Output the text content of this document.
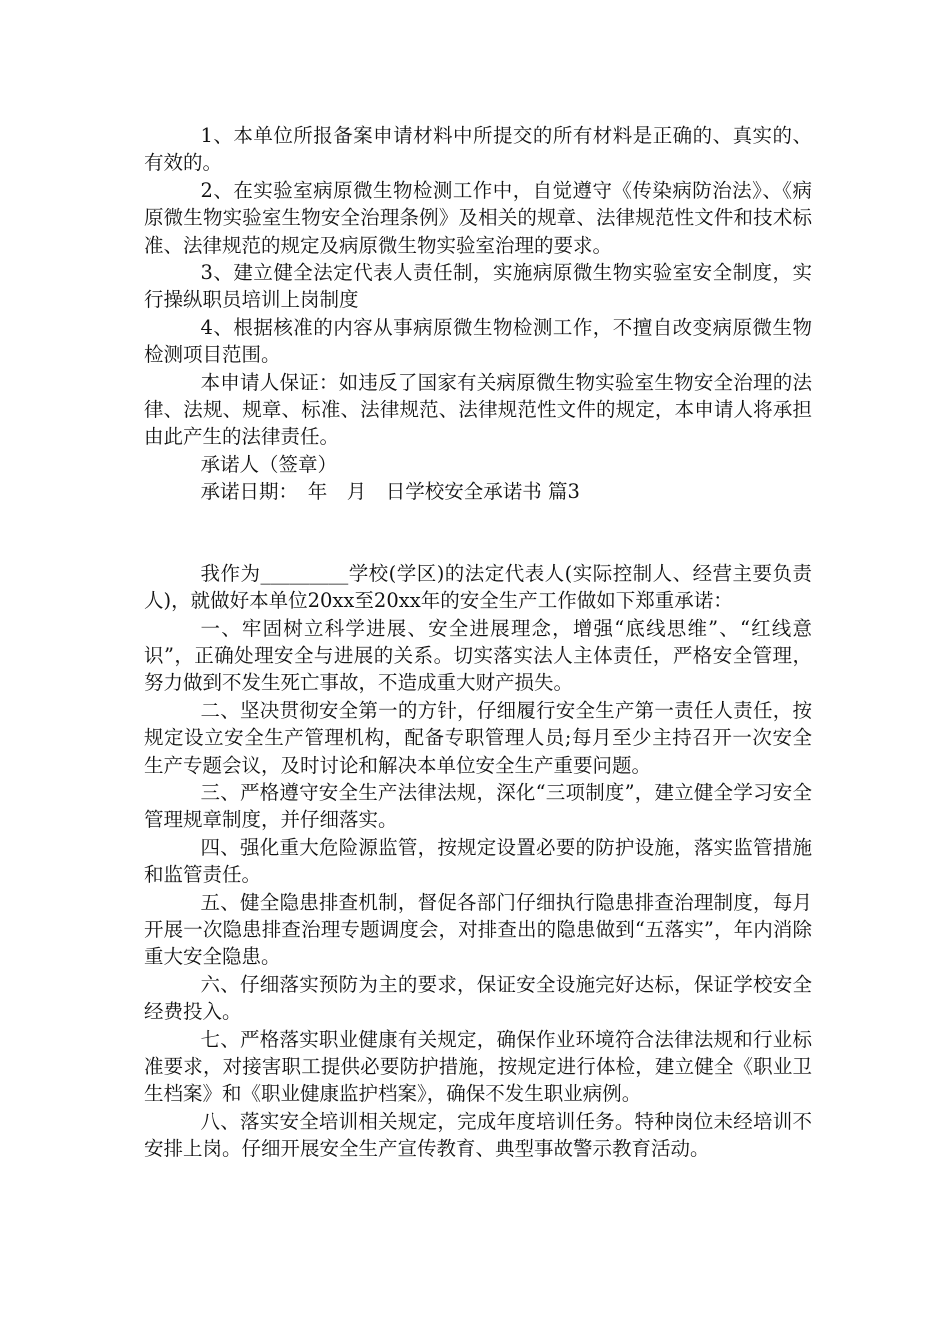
1、本单位所报备案申请材料中所提交的所有材料是正确的、真实的、有效的。

2、在实验室病原微生物检测工作中，自觉遵守《传染病防治法》、《病原微生物实验室生物安全治理条例》及相关的规章、法律规范性文件和技术标准、法律规范的规定及病原微生物实验室治理的要求。

3、建立健全法定代表人责任制，实施病原微生物实验室安全制度，实行操纵职员培训上岗制度

4、根据核准的内容从事病原微生物检测工作，不擅自改变病原微生物检测项目范围。

本申请人保证：如违反了国家有关病原微生物实验室生物安全治理的法律、法规、规章、标准、法律规范、法律规范性文件的规定，本申请人将承担由此产生的法律责任。

承诺人（签章）

承诺日期：　年　月　日学校安全承诺书 篇3

我作为_________学校(学区)的法定代表人(实际控制人、经营主要负责人)，就做好本单位20xx至20xx年的安全生产工作做如下郑重承诺：

一、牢固树立科学进展、安全进展理念，增强“底线思维”、“红线意识”，正确处理安全与进展的关系。切实落实法人主体责任，严格安全管理，努力做到不发生死亡事故，不造成重大财产损失。

二、坚决贯彻安全第一的方针，仔细履行安全生产第一责任人责任，按规定设立安全生产管理机构，配备专职管理人员;每月至少主持召开一次安全生产专题会议，及时讨论和解决本单位安全生产重要问题。

三、严格遵守安全生产法律法规，深化“三项制度”，建立健全学习安全管理规章制度，并仔细落实。

四、强化重大危险源监管，按规定设置必要的防护设施，落实监管措施和监管责任。

五、健全隐患排查机制，督促各部门仔细执行隐患排查治理制度，每月开展一次隐患排查治理专题调度会，对排查出的隐患做到“五落实”，年内消除重大安全隐患。

六、仔细落实预防为主的要求，保证安全设施完好达标，保证学校安全经费投入。

七、严格落实职业健康有关规定，确保作业环境符合法律法规和行业标准要求，对接害职工提供必要防护措施，按规定进行体检，建立健全《职业卫生档案》和《职业健康监护档案》，确保不发生职业病例。

八、落实安全培训相关规定，完成年度培训任务。特种岗位未经培训不安排上岗。仔细开展安全生产宣传教育、典型事故警示教育活动。
